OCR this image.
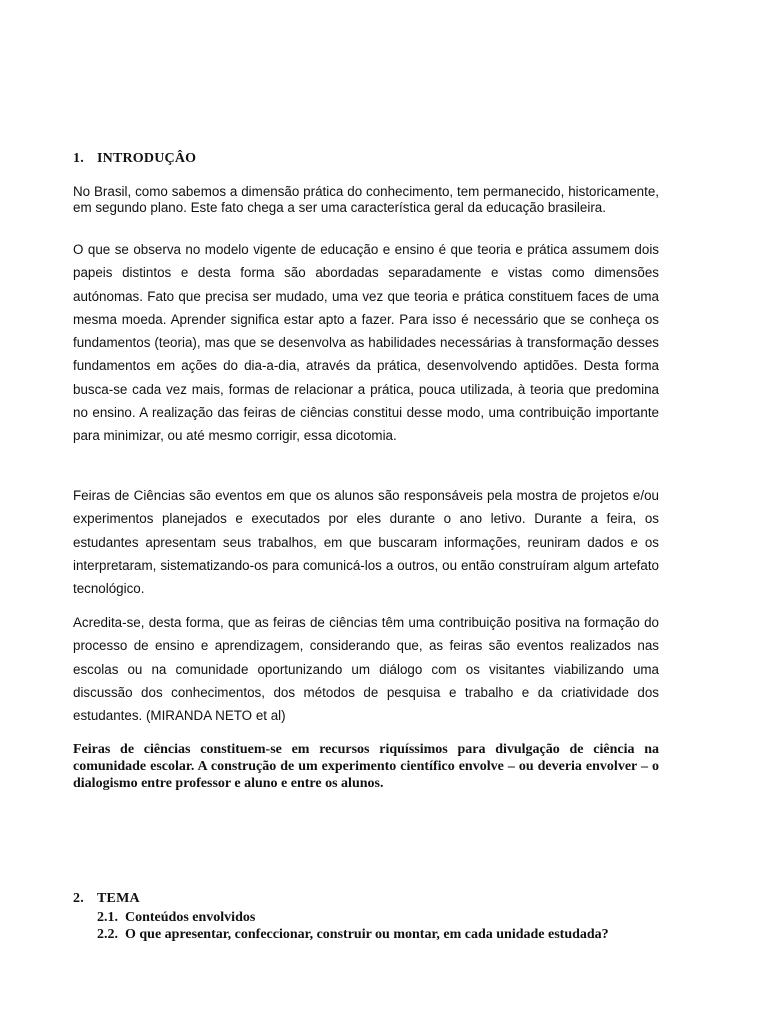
1. INTRODUÇÂO

No Brasil, como sabemos a dimensão prática do conhecimento, tem permanecido, historicamente, em segundo plano. Este fato chega a ser uma característica geral da educação brasileira.

O que se observa no modelo vigente de educação e ensino é que teoria e prática assumem dois papeis distintos e desta forma são abordadas separadamente e vistas como dimensões autónomas. Fato que precisa ser mudado, uma vez que teoria e prática constituem faces de uma mesma moeda. Aprender significa estar apto a fazer. Para isso é necessário que se conheça os fundamentos (teoria), mas que se desenvolva as habilidades necessárias à transformação desses fundamentos em ações do dia-a-dia, através da prática, desenvolvendo aptidões. Desta forma busca-se cada vez mais, formas de relacionar a prática, pouca utilizada, à teoria que predomina no ensino. A realização das feiras de ciências constitui desse modo, uma contribuição importante para minimizar, ou até mesmo corrigir, essa dicotomia.

Feiras de Ciências são eventos em que os alunos são responsáveis pela mostra de projetos e/ou experimentos planejados e executados por eles durante o ano letivo. Durante a feira, os estudantes apresentam seus trabalhos, em que buscaram informações, reuniram dados e os interpretaram, sistematizando-os para comunicá-los a outros, ou então construíram algum artefato tecnológico.

Acredita-se, desta forma, que as feiras de ciências têm uma contribuição positiva na formação do processo de ensino e aprendizagem, considerando que, as feiras são eventos realizados nas escolas ou na comunidade oportunizando um diálogo com os visitantes viabilizando uma discussão dos conhecimentos, dos métodos de pesquisa e trabalho e da criatividade dos estudantes. (MIRANDA NETO et al)

Feiras de ciências constituem-se em recursos riquíssimos para divulgação de ciência na comunidade escolar. A construção de um experimento científico envolve – ou deveria envolver – o dialogismo entre professor e aluno e entre os alunos.

2. TEMA
2.1. Conteúdos envolvidos
2.2. O que apresentar, confeccionar, construir ou montar, em cada unidade estudada?
